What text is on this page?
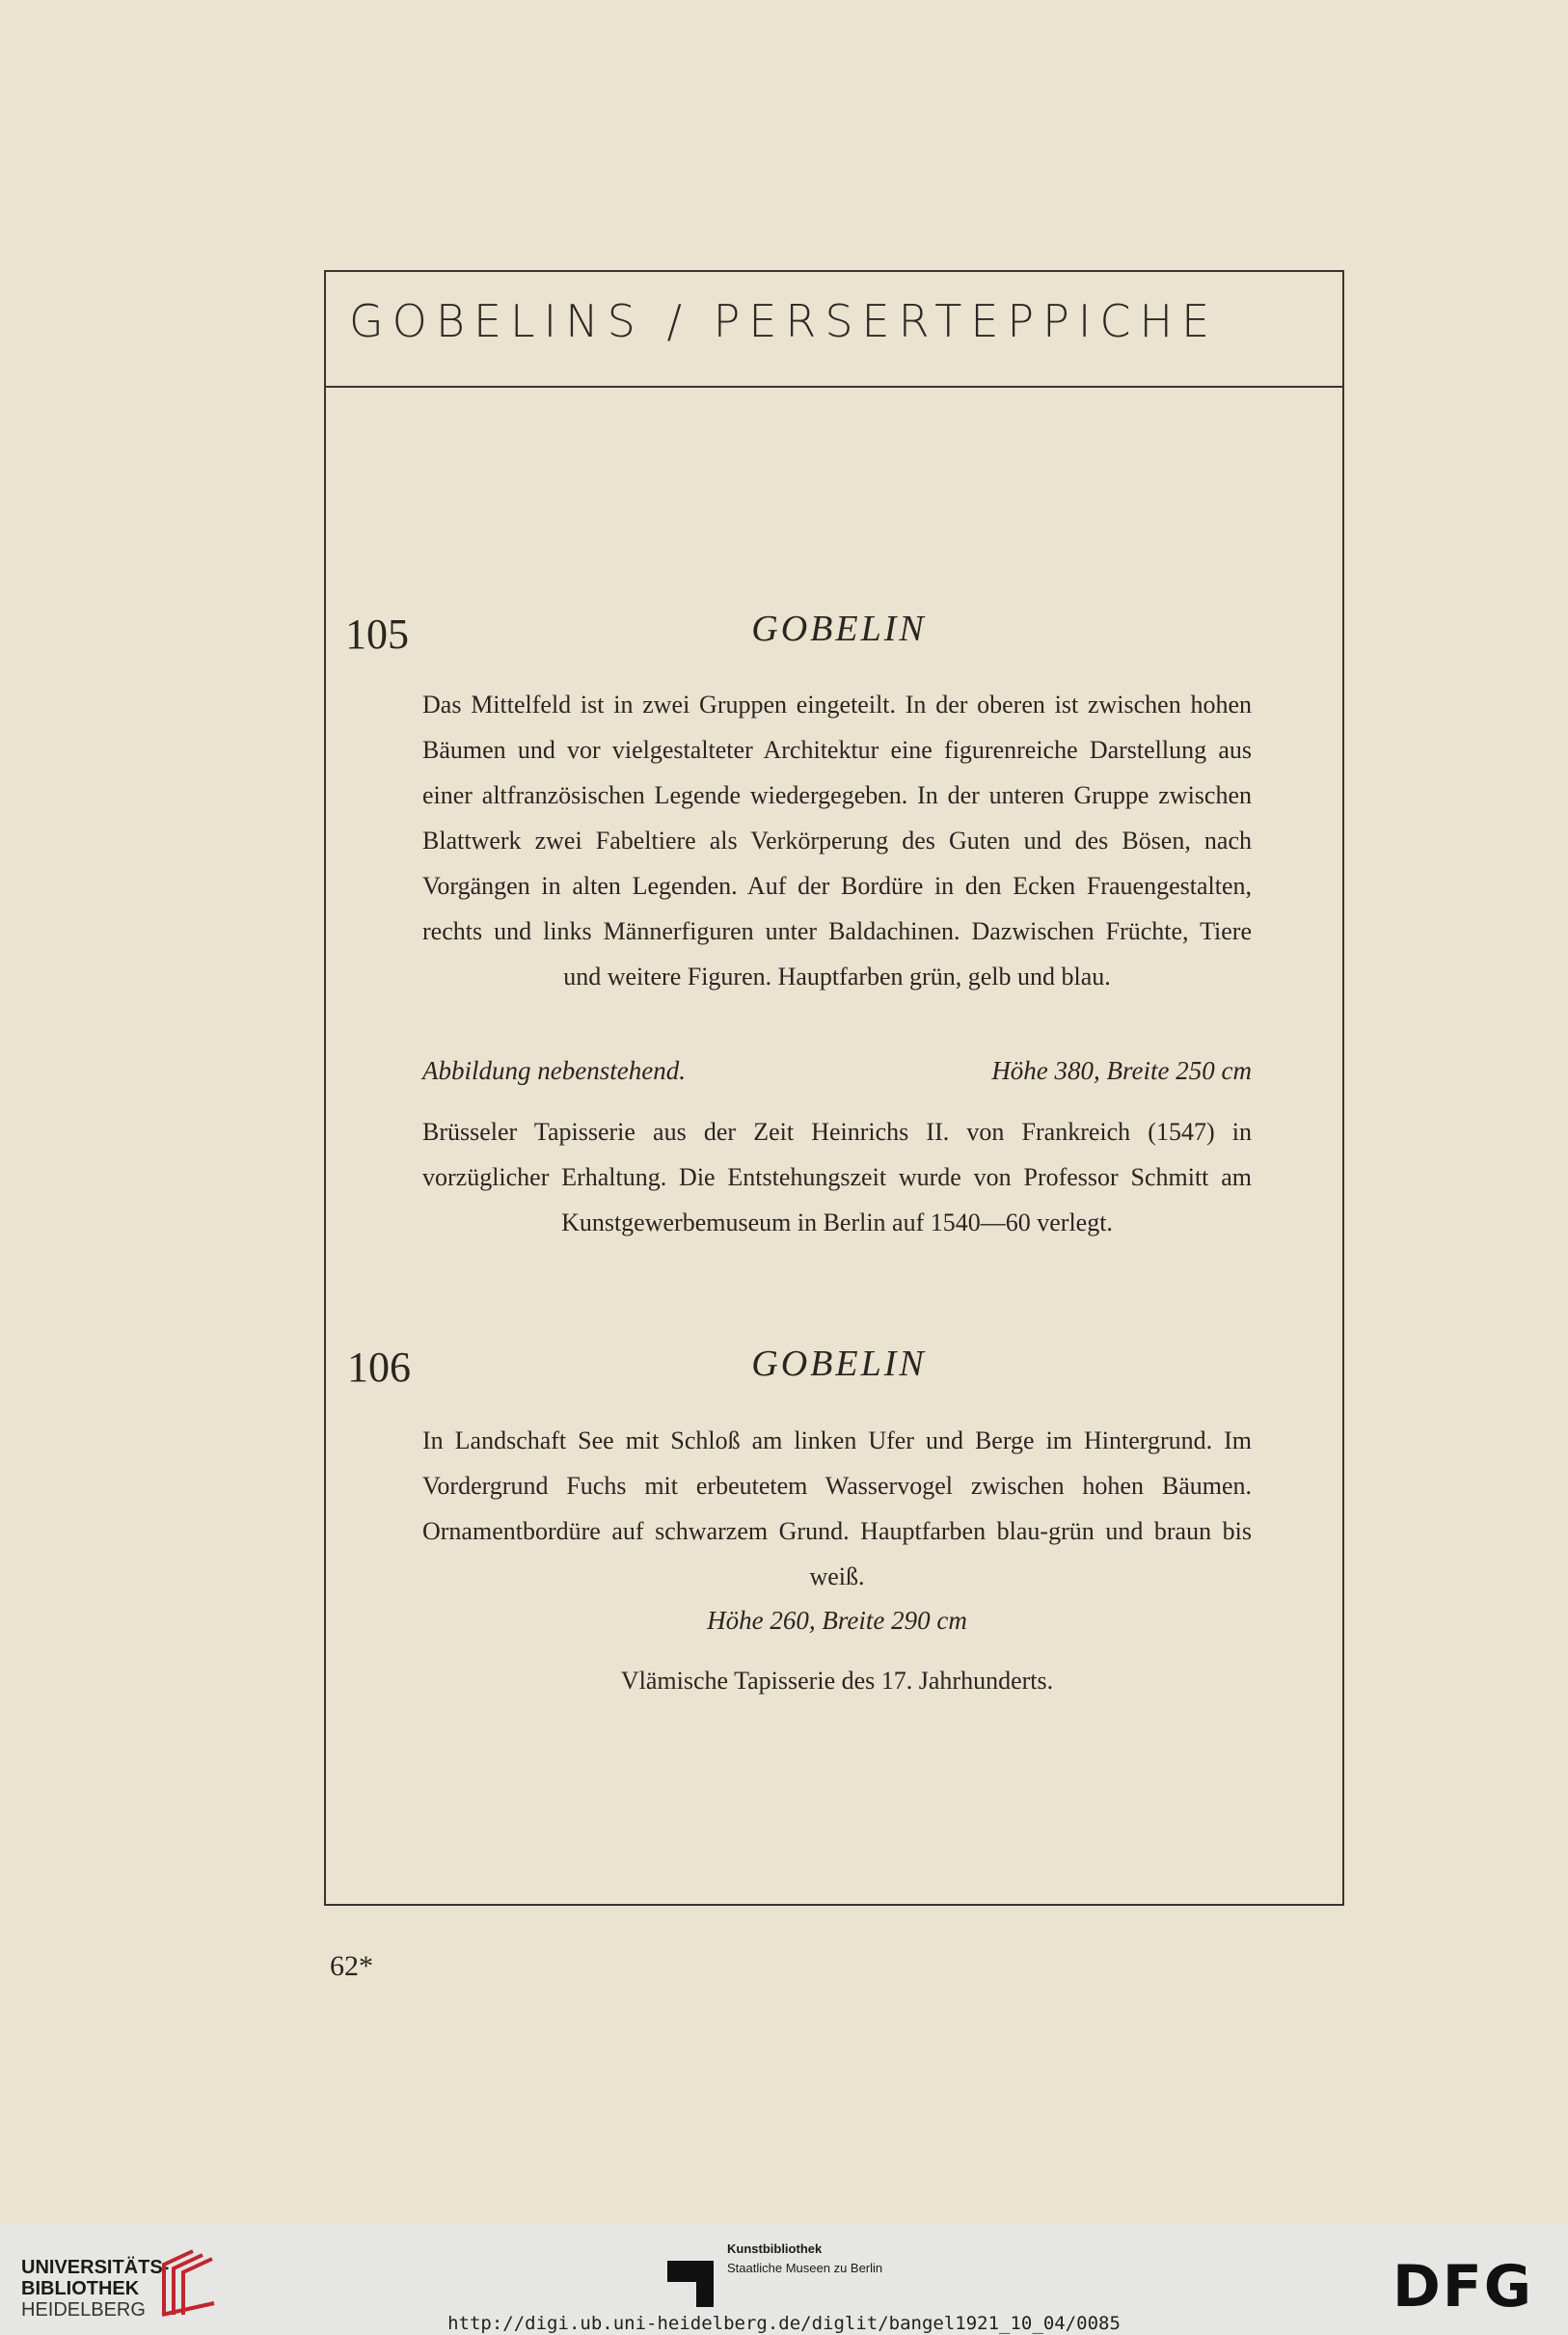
GOBELINS / PERSERTEPPICHE
105	GOBELIN
Das Mittelfeld ist in zwei Gruppen eingeteilt. In der oberen ist zwischen hohen Bäumen und vor vielgestalteter Architektur eine figurenreiche Darstellung aus einer altfranzösischen Legende wiedergegeben. In der unteren Gruppe zwischen Blattwerk zwei Fabeltiere als Verkörperung des Guten und des Bösen, nach Vorgängen in alten Legenden. Auf der Bordüre in den Ecken Frauengestalten, rechts und links Männerfiguren unter Baldachinen. Dazwischen Früchte, Tiere und weitere Figuren. Hauptfarben grün, gelb und blau.
Abbildung nebenstehend.	Höhe 380, Breite 250 cm
Brüsseler Tapisserie aus der Zeit Heinrichs II. von Frankreich (1547) in vorzüglicher Erhaltung. Die Entstehungszeit wurde von Professor Schmitt am Kunstgewerbemuseum in Berlin auf 1540—60 verlegt.
106	GOBELIN
In Landschaft See mit Schloß am linken Ufer und Berge im Hintergrund. Im Vordergrund Fuchs mit erbeutetem Wasservogel zwischen hohen Bäumen. Ornamentbordüre auf schwarzem Grund. Hauptfarben blau-grün und braun bis weiß.
Höhe 260, Breite 290 cm
Vlämische Tapisserie des 17. Jahrhunderts.
62*
UNIVERSITÄTS-
BIBLIOTHEK
HEIDELBERG
Kunstbibliothek
Staatliche Museen zu Berlin	DFG
http://digi.ub.uni-heidelberg.de/diglit/bangel1921_10_04/0085
